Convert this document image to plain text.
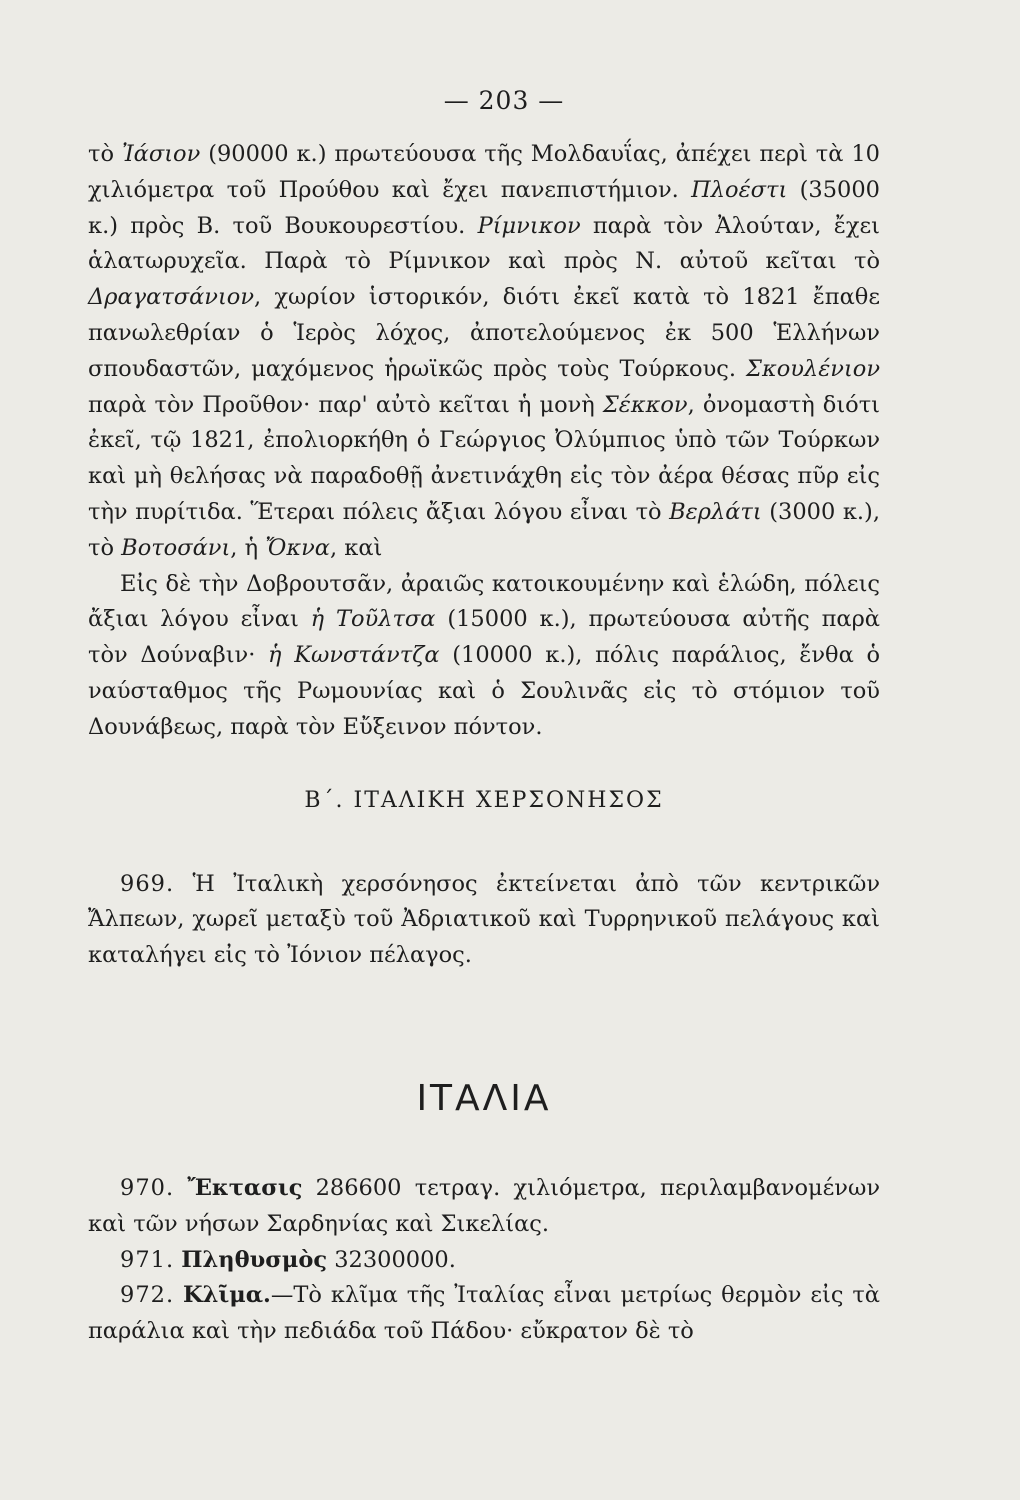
— 203 —

τὸ Ἰάσιον (90000 κ.) πρωτεύουσα τῆς Μολδαυΐας, ἀπέχει περὶ τὰ 10 χιλιόμετρα τοῦ Προύθου καὶ ἔχει πανεπιστήμιον. Πλοέστι (35000 κ.) πρὸς Β. τοῦ Βουκουρεστίου. Ρίμνικον παρὰ τὸν Ἀλούταν, ἔχει ἁλατωρυχεῖα. Παρὰ τὸ Ρίμνικον καὶ πρὸς Ν. αὐτοῦ κεῖται τὸ Δραγατσάνιον, χωρίον ἱστορικόν, διότι ἐκεῖ κατὰ τὸ 1821 ἔπαθε πανωλεθρίαν ὁ Ἱερὸς λόχος, ἀποτελούμενος ἐκ 500 Ἑλλήνων σπουδαστῶν, μαχόμενος ἡρωϊκῶς πρὸς τοὺς Τούρκους. Σκουλένιον παρὰ τὸν Προῦθον· παρ' αὐτὸ κεῖται ἡ μονὴ Σέκκον, ὀνομαστὴ διότι ἐκεῖ, τῷ 1821, ἐπολιορκήθη ὁ Γεώργιος Ὀλύμπιος ὑπὸ τῶν Τούρκων καὶ μὴ θελήσας νὰ παραδοθῇ ἀνετινάχθη εἰς τὸν ἀέρα θέσας πῦρ εἰς τὴν πυρίτιδα. Ἕτεραι πόλεις ἄξιαι λόγου εἶναι τὸ Βερλάτι (3000 κ.), τὸ Βοτοσάνι, ἡ Ὄκνα, καὶ

Εἰς δὲ τὴν Δοβρουτσᾶν, ἀραιῶς κατοικουμένην καὶ ἑλώδη, πόλεις ἄξιαι λόγου εἶναι ἡ Τοῦλτσα (15000 κ.), πρωτεύουσα αὐτῆς παρὰ τὸν Δούναβιν· ἡ Κωνστάντζα (10000 κ.), πόλις παράλιος, ἔνθα ὁ ναύσταθμος τῆς Ρωμουνίας καὶ ὁ Σουλινᾶς εἰς τὸ στόμιον τοῦ Δουνάβεως, παρὰ τὸν Εὔξεινον πόντον.

Β΄. ΙΤΑΛΙΚΗ ΧΕΡΣΟΝΗΣΟΣ

969. Ἡ Ἰταλικὴ χερσόνησος ἐκτείνεται ἀπὸ τῶν κεντρικῶν Ἄλπεων, χωρεῖ μεταξὺ τοῦ Ἀδριατικοῦ καὶ Τυρρηνικοῦ πελάγους καὶ καταλήγει εἰς τὸ Ἰόνιον πέλαγος.

ΙΤΑΛΙΑ

970. Ἔκτασις 286600 τετραγ. χιλιόμετρα, περιλαμβανομένων καὶ τῶν νήσων Σαρδηνίας καὶ Σικελίας.

971. Πληθυσμὸς 32300000.

972. Κλῖμα.—Τὸ κλῖμα τῆς Ἰταλίας εἶναι μετρίως θερμὸν εἰς τὰ παράλια καὶ τὴν πεδιάδα τοῦ Πάδου· εὔκρατον δὲ τὸ
